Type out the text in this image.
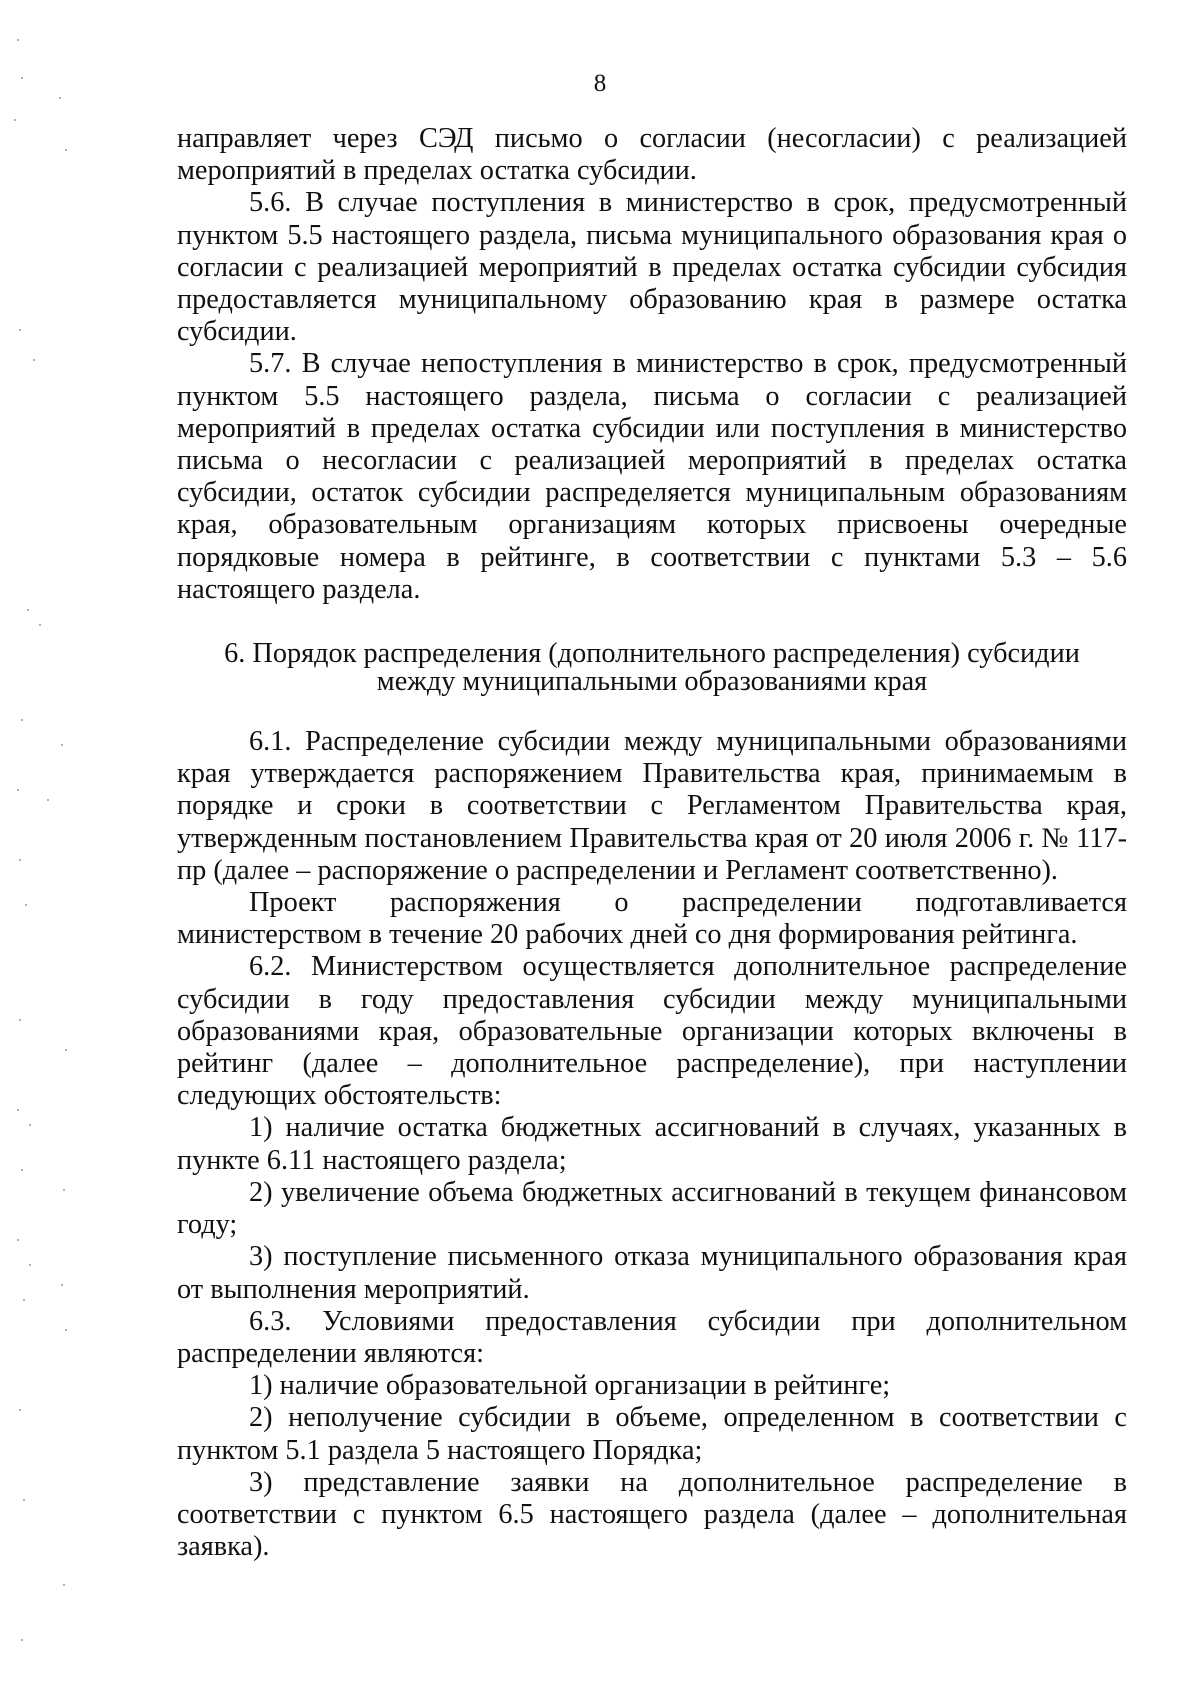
8

направляет через СЭД письмо о согласии (несогласии) с реализацией мероприятий в пределах остатка субсидии.

5.6. В случае поступления в министерство в срок, предусмотренный пунктом 5.5 настоящего раздела, письма муниципального образования края о согласии с реализацией мероприятий в пределах остатка субсидии субсидия предоставляется муниципальному образованию края в размере остатка субсидии.

5.7. В случае непоступления в министерство в срок, предусмотренный пунктом 5.5 настоящего раздела, письма о согласии с реализацией мероприятий в пределах остатка субсидии или поступления в министерство письма о несогласии с реализацией мероприятий в пределах остатка субсидии, остаток субсидии распределяется муниципальным образованиям края, образовательным организациям которых присвоены очередные порядковые номера в рейтинге, в соответствии с пунктами 5.3 – 5.6 настоящего раздела.

6. Порядок распределения (дополнительного распределения) субсидии
между муниципальными образованиями края

6.1. Распределение субсидии между муниципальными образованиями края утверждается распоряжением Правительства края, принимаемым в порядке и сроки в соответствии с Регламентом Правительства края, утвержденным постановлением Правительства края от 20 июля 2006 г. № 117-пр (далее – распоряжение о распределении и Регламент соответственно).

Проект распоряжения о распределении подготавливается министерством в течение 20 рабочих дней со дня формирования рейтинга.

6.2. Министерством осуществляется дополнительное распределение субсидии в году предоставления субсидии между муниципальными образованиями края, образовательные организации которых включены в рейтинг (далее – дополнительное распределение), при наступлении следующих обстоятельств:

1) наличие остатка бюджетных ассигнований в случаях, указанных в пункте 6.11 настоящего раздела;

2) увеличение объема бюджетных ассигнований в текущем финансовом году;

3) поступление письменного отказа муниципального образования края от выполнения мероприятий.

6.3. Условиями предоставления субсидии при дополнительном распределении являются:

1) наличие образовательной организации в рейтинге;

2) неполучение субсидии в объеме, определенном в соответствии с пунктом 5.1 раздела 5 настоящего Порядка;

3) представление заявки на дополнительное распределение в соответствии с пунктом 6.5 настоящего раздела (далее – дополнительная заявка).
